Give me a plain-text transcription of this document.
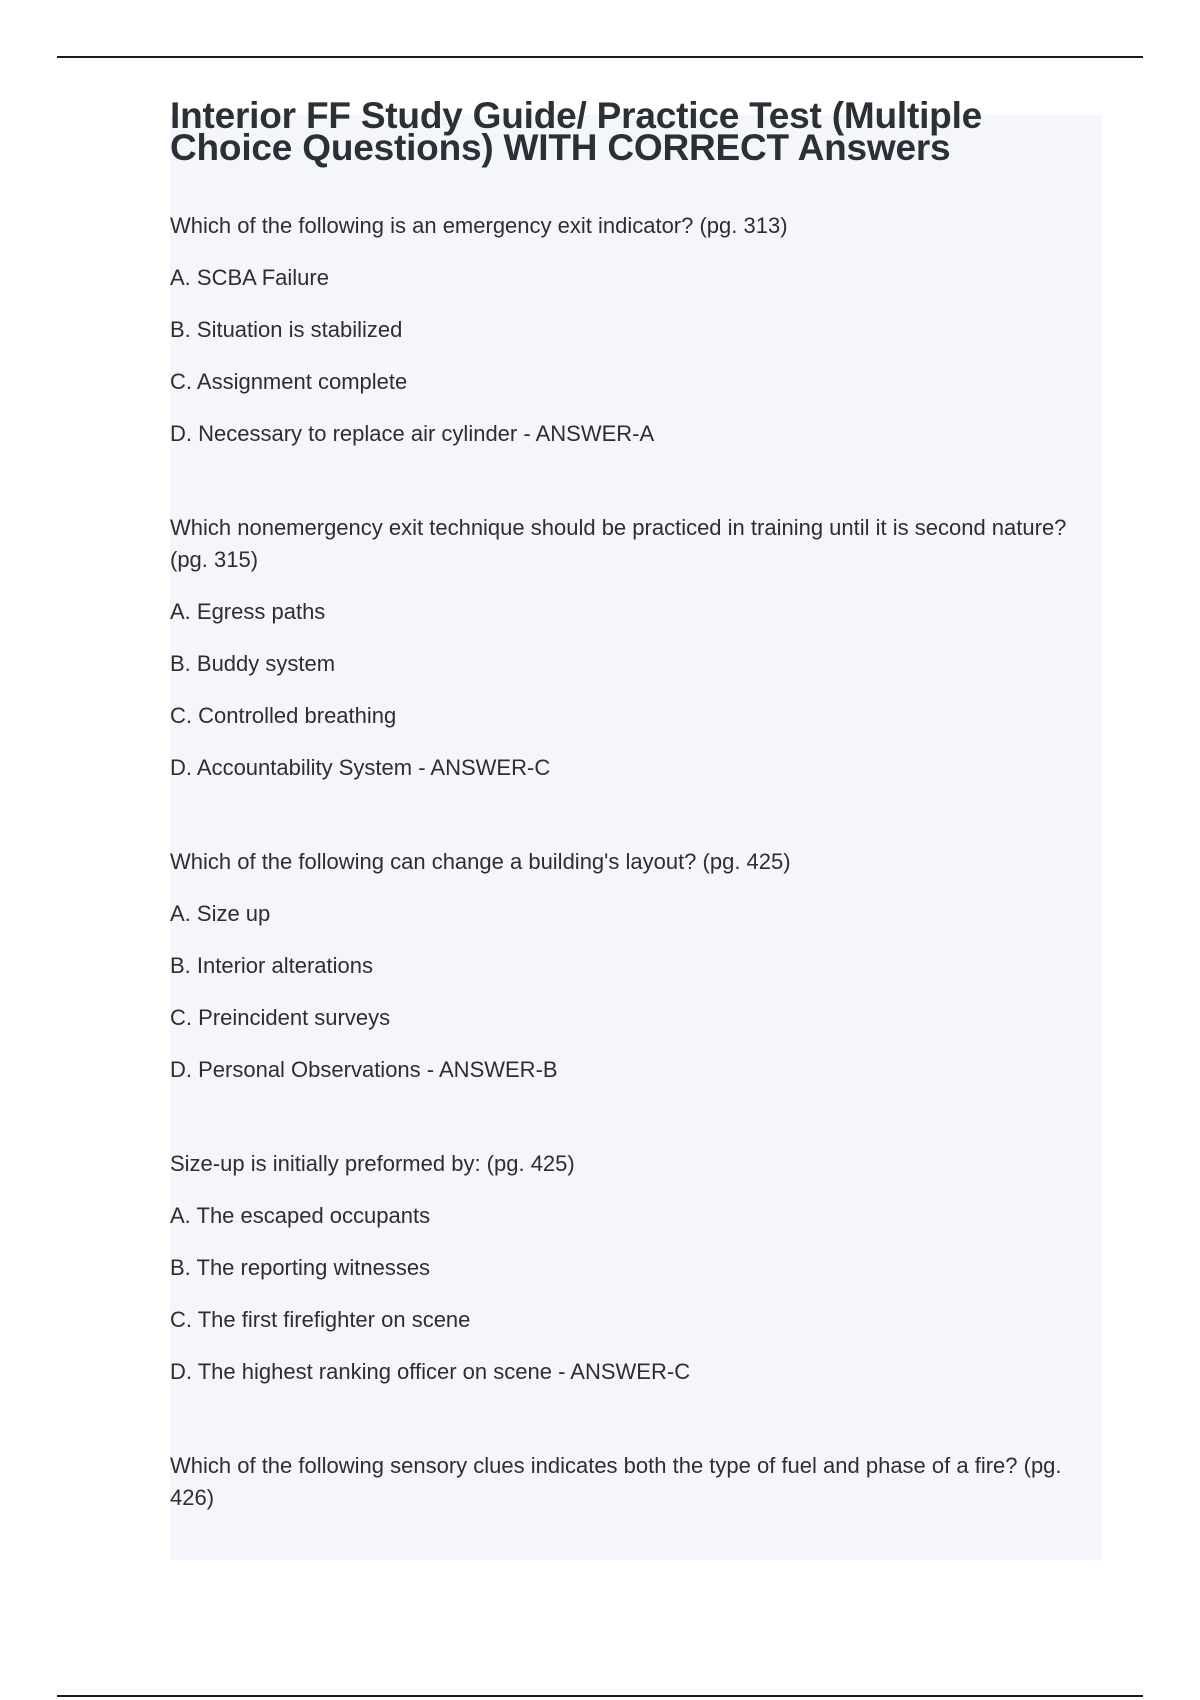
Interior FF Study Guide/ Practice Test (Multiple Choice Questions) WITH CORRECT Answers

Which of the following is an emergency exit indicator? (pg. 313)

A. SCBA Failure

B. Situation is stabilized

C. Assignment complete

D. Necessary to replace air cylinder - ANSWER-A

Which nonemergency exit technique should be practiced in training until it is second nature? (pg. 315)

A. Egress paths

B. Buddy system

C. Controlled breathing

D. Accountability System - ANSWER-C

Which of the following can change a building's layout? (pg. 425)

A. Size up

B. Interior alterations

C. Preincident surveys

D. Personal Observations - ANSWER-B

Size-up is initially preformed by: (pg. 425)

A. The escaped occupants

B. The reporting witnesses

C. The first firefighter on scene

D. The highest ranking officer on scene - ANSWER-C

Which of the following sensory clues indicates both the type of fuel and phase of a fire? (pg. 426)
